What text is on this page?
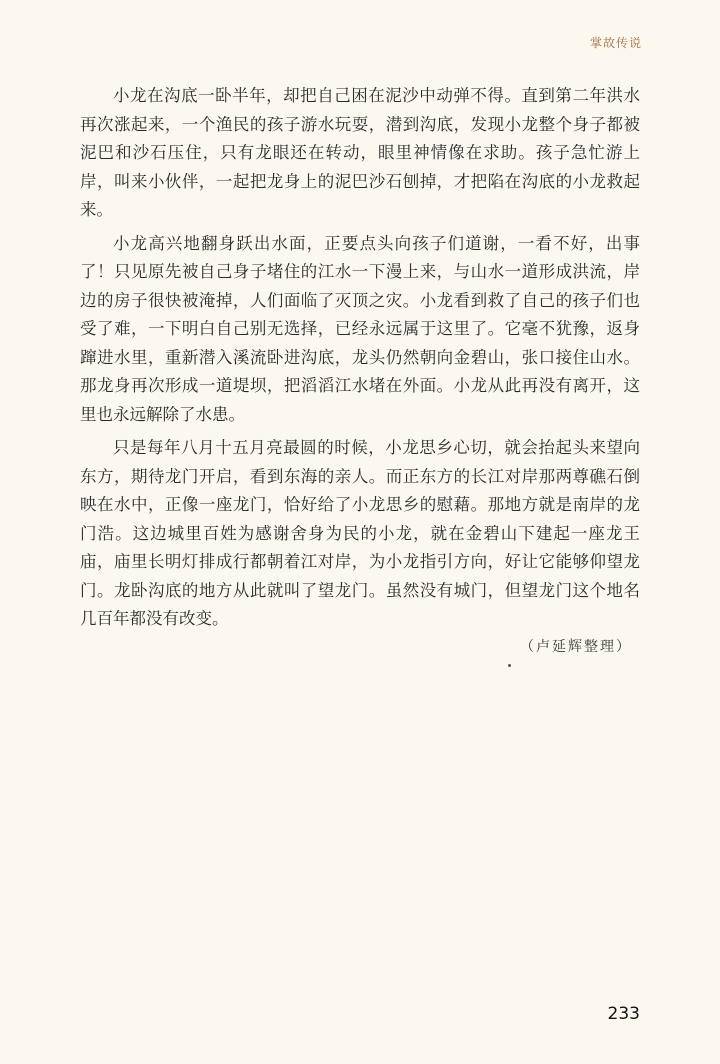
掌故传说

小龙在沟底一卧半年，却把自己困在泥沙中动弹不得。直到第二年洪水再次涨起来，一个渔民的孩子游水玩耍，潜到沟底，发现小龙整个身子都被泥巴和沙石压住，只有龙眼还在转动，眼里神情像在求助。孩子急忙游上岸，叫来小伙伴，一起把龙身上的泥巴沙石刨掉，才把陷在沟底的小龙救起来。

小龙高兴地翻身跃出水面，正要点头向孩子们道谢，一看不好，出事了！只见原先被自己身子堵住的江水一下漫上来，与山水一道形成洪流，岸边的房子很快被淹掉，人们面临了灭顶之灾。小龙看到救了自己的孩子们也受了难，一下明白自己别无选择，已经永远属于这里了。它毫不犹豫，返身蹿进水里，重新潜入溪流卧进沟底，龙头仍然朝向金碧山，张口接住山水。那龙身再次形成一道堤坝，把滔滔江水堵在外面。小龙从此再没有离开，这里也永远解除了水患。

只是每年八月十五月亮最圆的时候，小龙思乡心切，就会抬起头来望向东方，期待龙门开启，看到东海的亲人。而正东方的长江对岸那两尊礁石倒映在水中，正像一座龙门，恰好给了小龙思乡的慰藉。那地方就是南岸的龙门浩。这边城里百姓为感谢舍身为民的小龙，就在金碧山下建起一座龙王庙，庙里长明灯排成行都朝着江对岸，为小龙指引方向，好让它能够仰望龙门。龙卧沟底的地方从此就叫了望龙门。虽然没有城门，但望龙门这个地名几百年都没有改变。

（卢延辉整理）
233
